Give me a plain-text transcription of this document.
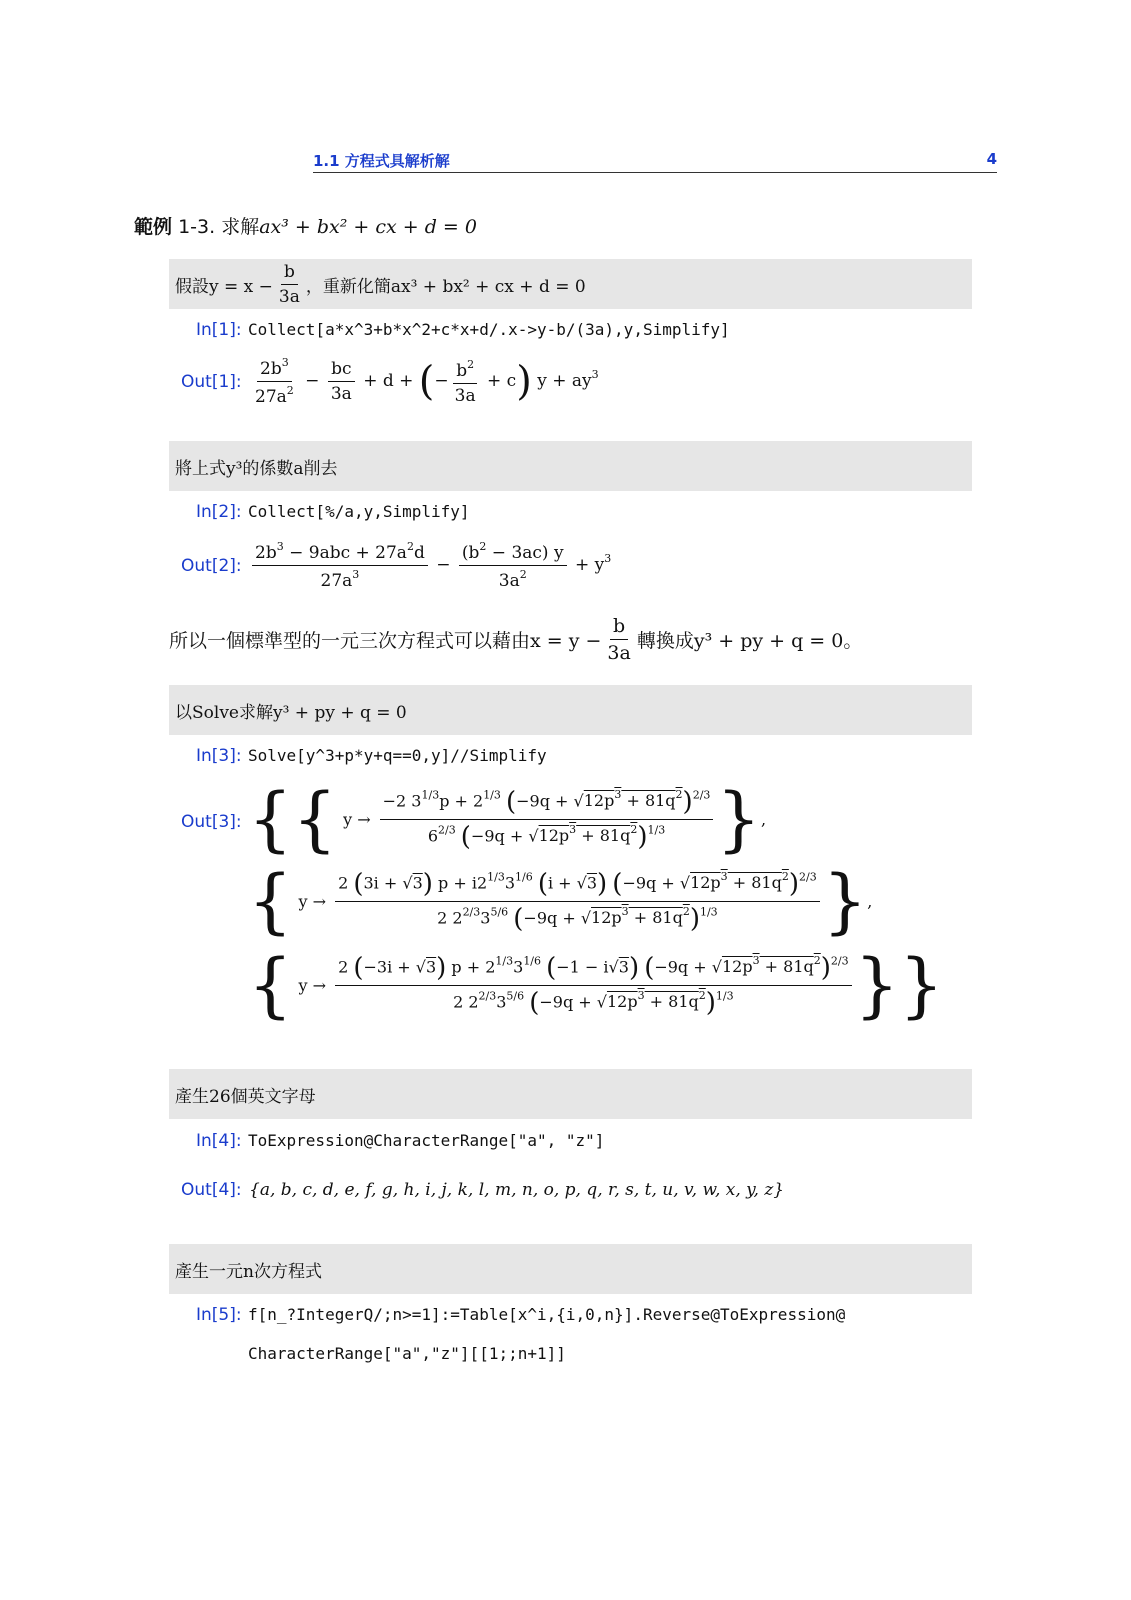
1.1 方程式具解析解	4
範例 1-3. 求解ax³ + bx² + cx + d = 0
假設$y = x - \frac{b}{3a}$ ，重新化簡ax³ + bx² + cx + d = 0
In[1]: Collect[a*x^3+b*x^2+c*x+d/.x->y-b/(3a),y,Simplify]
Out[1]: $\frac{2b^3}{27a^2} - \frac{bc}{3a} + d$ + (− $\frac{b^2}{3a} + c$) $y + ay^3$
將上式y³的係數a削去
In[2]: Collect[%/a,y,Simplify]
Out[2]: $\frac{2b^3 - 9abc + 27a^2d}{27a^3} - \frac{(b^2 - 3ac) y}{3a^2} + y^3$
所以一個標準型的一元三次方程式可以藉由$x = y - \frac{b}{3a}$ 轉換成y³ + py + q = 0。
以Solve求解y³ + py + q = 0
In[3]: Solve[y^3+p*y+q==0,y]//Simplify
Out[3]: { { $y \to \frac{-2 3^{1/3}p + 2^{1/3} (-9q + √12p^3 + 81q^2)^{2/3}}{6^{2/3} (-9q + √12p^3 + 81q^2)^{1/3}}$ } ,
{ $y \to \frac{2 (3i + √3) p + i2^{1/3}3^{1/6} (i + √3) (-9q + √12p^3 + 81q^2)^{2/3}}{2 2^{2/3}3^{5/6} (-9q + √12p^3 + 81q^2)^{1/3}}$ } ,
{ $y \to \frac{2 (-3i + √3) p + 2^{1/3}3^{1/6} (-1 - i√3) (-9q + √12p^3 + 81q^2)^{2/3}}{2 2^{2/3}3^{5/6} (-9q + √12p^3 + 81q^2)^{1/3}}$ } }
產生26個英文字母
In[4]: ToExpression@CharacterRange["a", "z"]
Out[4]: {a, b, c, d, e, f, g, h, i, j, k, l, m, n, o, p, q, r, s, t, u, v, w, x, y, z}
產生一元n次方程式
In[5]: f[n_?IntegerQ/;n>=1]:=Table[x^i,{i,0,n}].Reverse@ToExpression@
CharacterRange["a","z"][[1;;n+1]]
